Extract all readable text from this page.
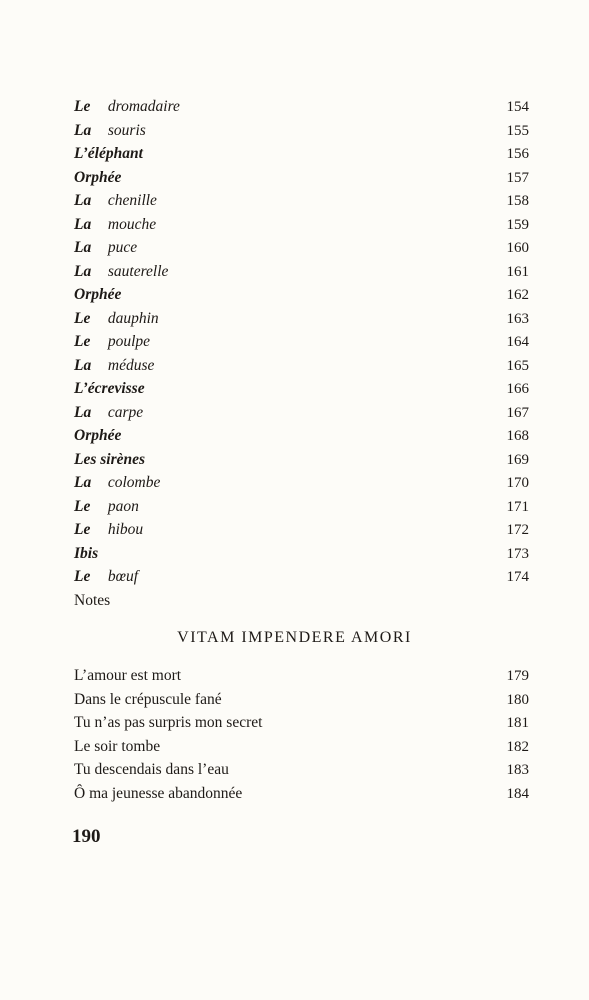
Le dromadaire	154
La souris	155
L’éléphant	156
Orphée	157
La chenille	158
La mouche	159
La puce	160
La sauterelle	161
Orphée	162
Le dauphin	163
Le poulpe	164
La méduse	165
L’écrevisse	166
La carpe	167
Orphée	168
Les sirènes	169
La colombe	170
Le paon	171
Le hibou	172
Ibis	173
Le bœuf	174
Notes
VITAM IMPENDERE AMORI
L’amour est mort	179
Dans le crépuscule fané	180
Tu n’as pas surpris mon secret	181
Le soir tombe	182
Tu descendais dans l’eau	183
Ô ma jeunesse abandonnée	184
190
